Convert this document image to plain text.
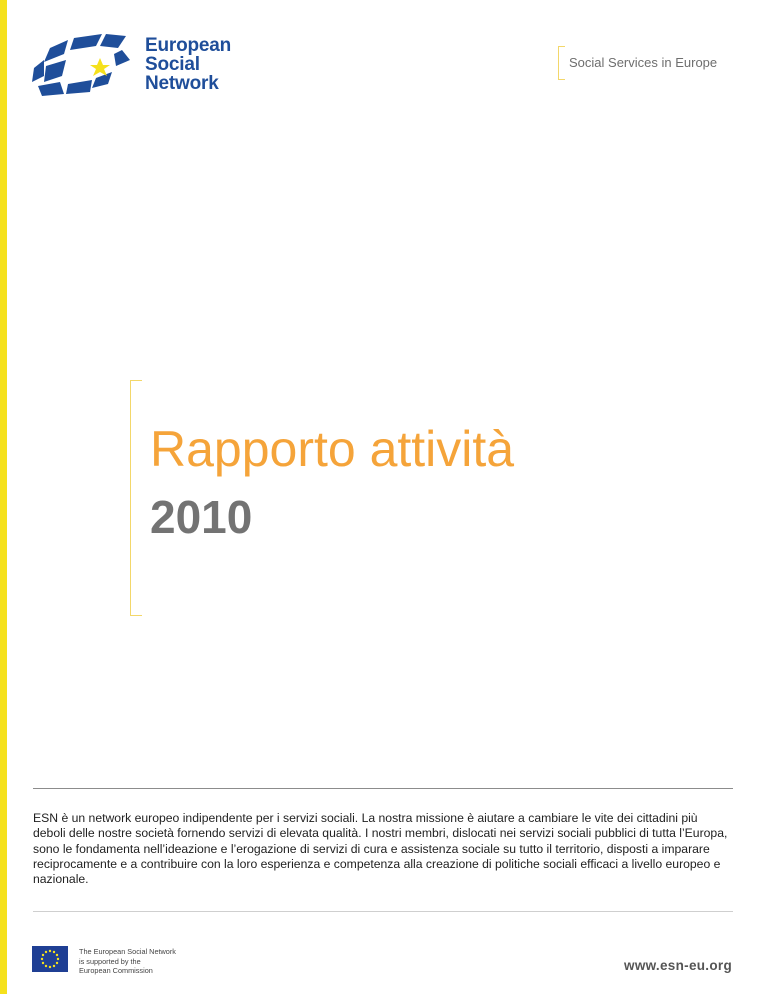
European
Social
Network
Social Services in Europe
Rapporto attività
2010
ESN è un network europeo indipendente per i servizi sociali. La nostra missione è aiutare a cambiare le vite dei cittadini più deboli delle nostre società fornendo servizi di elevata qualità. I nostri membri, dislocati nei servizi sociali pubblici di tutta l’Europa, sono le fondamenta nell’ideazione e l’erogazione di servizi di cura e assistenza sociale su tutto il territorio, disposti a imparare reciprocamente e a contribuire con la loro esperienza e competenza alla creazione di politiche sociali efficaci a livello europeo e nazionale.
The European Social Network
is supported by the
European Commission	www.esn-eu.org
